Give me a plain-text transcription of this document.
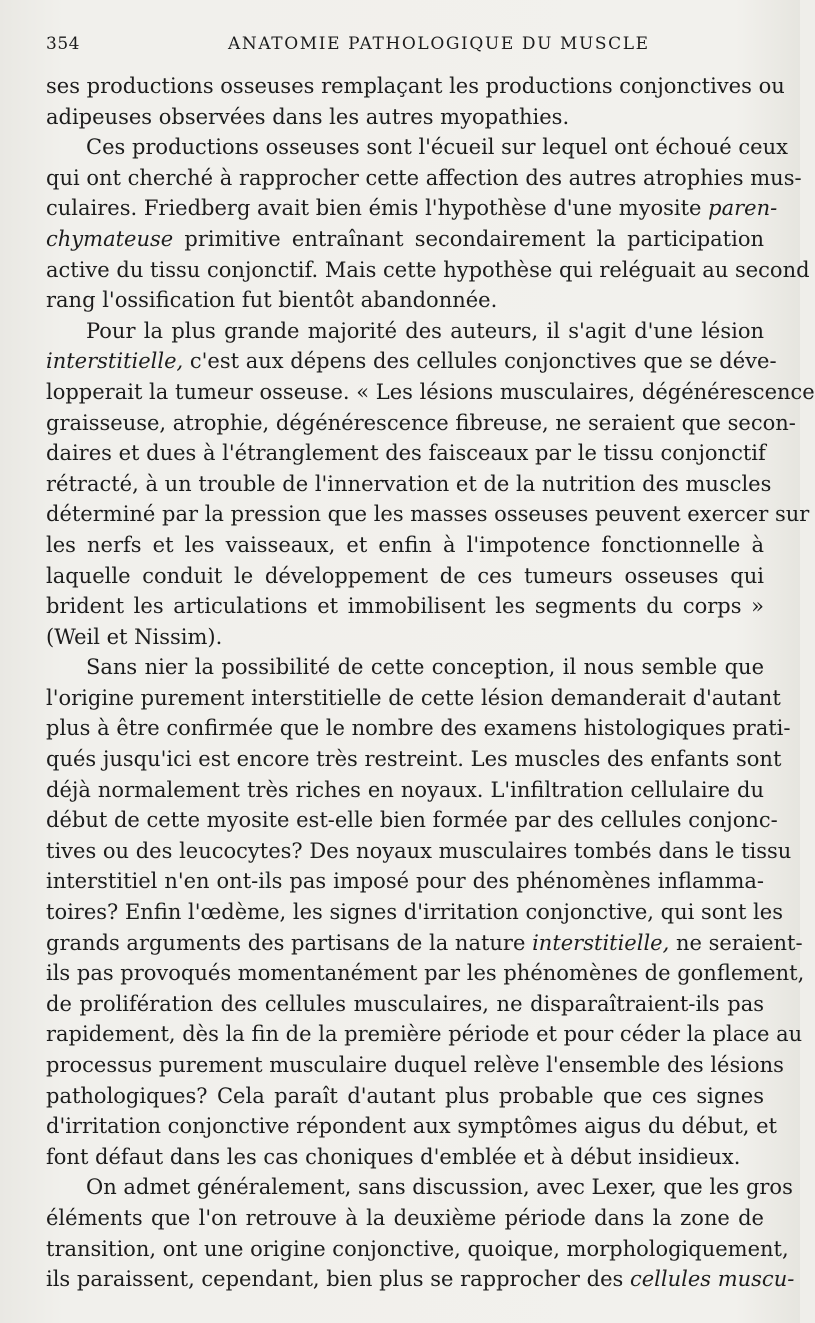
354	ANATOMIE PATHOLOGIQUE DU MUSCLE

ses productions osseuses remplaçant les productions conjonctives ou
adipeuses observées dans les autres myopathies.

Ces productions osseuses sont l'écueil sur lequel ont échoué ceux
qui ont cherché à rapprocher cette affection des autres atrophies mus-
culaires. Friedberg avait bien émis l'hypothèse d'une myosite paren-
chymateuse primitive entraînant secondairement la participation
active du tissu conjonctif. Mais cette hypothèse qui reléguait au second
rang l'ossification fut bientôt abandonnée.

Pour la plus grande majorité des auteurs, il s'agit d'une lésion
interstitielle, c'est aux dépens des cellules conjonctives que se déve-
lopperait la tumeur osseuse. « Les lésions musculaires, dégénérescence
graisseuse, atrophie, dégénérescence fibreuse, ne seraient que secon-
daires et dues à l'étranglement des faisceaux par le tissu conjonctif
rétracté, à un trouble de l'innervation et de la nutrition des muscles
déterminé par la pression que les masses osseuses peuvent exercer sur
les nerfs et les vaisseaux, et enfin à l'impotence fonctionnelle à
laquelle conduit le développement de ces tumeurs osseuses qui
brident les articulations et immobilisent les segments du corps »
(Weil et Nissim).

Sans nier la possibilité de cette conception, il nous semble que
l'origine purement interstitielle de cette lésion demanderait d'autant
plus à être confirmée que le nombre des examens histologiques prati-
qués jusqu'ici est encore très restreint. Les muscles des enfants sont
déjà normalement très riches en noyaux. L'infiltration cellulaire du
début de cette myosite est-elle bien formée par des cellules conjonc-
tives ou des leucocytes? Des noyaux musculaires tombés dans le tissu
interstitiel n'en ont-ils pas imposé pour des phénomènes inflamma-
toires? Enfin l'œdème, les signes d'irritation conjonctive, qui sont les
grands arguments des partisans de la nature interstitielle, ne seraient-
ils pas provoqués momentanément par les phénomènes de gonflement,
de prolifération des cellules musculaires, ne disparaîtraient-ils pas
rapidement, dès la fin de la première période et pour céder la place au
processus purement musculaire duquel relève l'ensemble des lésions
pathologiques? Cela paraît d'autant plus probable que ces signes
d'irritation conjonctive répondent aux symptômes aigus du début, et
font défaut dans les cas choniques d'emblée et à début insidieux.

On admet généralement, sans discussion, avec Lexer, que les gros
éléments que l'on retrouve à la deuxième période dans la zone de
transition, ont une origine conjonctive, quoique, morphologiquement,
ils paraissent, cependant, bien plus se rapprocher des cellules muscu-
